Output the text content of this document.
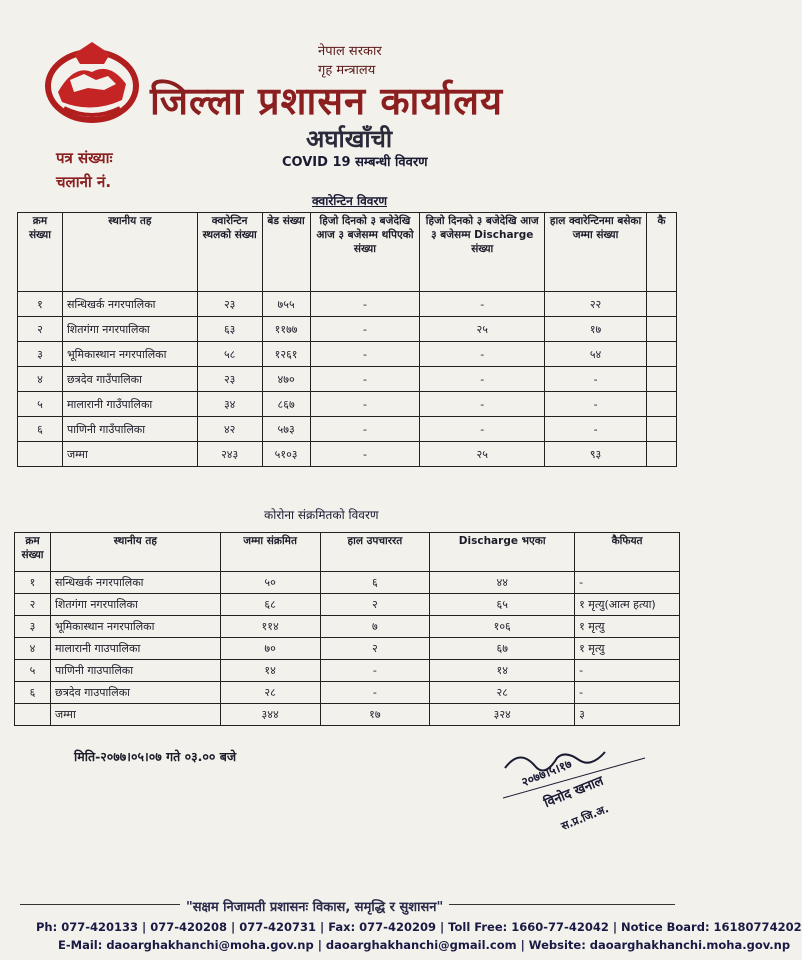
नेपाल सरकार
गृह मन्त्रालय
जिल्ला प्रशासन कार्यालय
अर्घाखाँची
पत्र संख्याः
चलानी नं.
COVID 19 सम्बन्धी विवरण
क्वारेन्टिन विवरण
क्रम संख्या	स्थानीय तह	क्वारेन्टिन स्थलको संख्या	बेड संख्या	हिजो दिनको ३ बजेदेखि आज ३ बजेसम्म थपिएको संख्या	हिजो दिनको ३ बजेदेखि आज ३ बजेसम्म Discharge संख्या	हाल क्वारेन्टिनमा बसेका जम्मा संख्या	कै
१	सन्धिखर्क नगरपालिका	२३	७५५	-	-	२२	
२	शितगंगा नगरपालिका	६३	११७७	-	२५	१७	
३	भूमिकास्थान नगरपालिका	५८	१२६१	-	-	५४	
४	छत्रदेव गाउँपालिका	२३	४७०	-	-	-	
५	मालारानी गाउँपालिका	३४	८६७	-	-	-	
६	पाणिनी गाउँपालिका	४२	५७३	-	-	-	
	जम्मा	२४३	५१०३	-	२५	९३	
कोरोना संक्रमितको विवरण
क्रम संख्या	स्थानीय तह	जम्मा संक्रमित	हाल उपचाररत	Discharge भएका	कैफियत
१	सन्धिखर्क नगरपालिका	५०	६	४४	-
२	शितगंगा नगरपालिका	६८	२	६५	१ मृत्यु(आत्म हत्या)
३	भूमिकास्थान नगरपालिका	११४	७	१०६	१ मृत्यु
४	मालारानी गाउपालिका	७०	२	६७	१ मृत्यु
५	पाणिनी गाउपालिका	१४	-	१४	-
६	छत्रदेव गाउपालिका	२८	-	२८	-
	जम्मा	३४४	१७	३२४	३
मिति-२०७७।०५।०७ गते ०३.०० बजे
२०७७।५।१७
विनोद खनाल
स.प्र.जि.अ.
"सक्षम निजामती प्रशासनः विकास, समृद्धि र सुशासन"
Ph: 077-420133 | 077-420208 | 077-420731 | Fax: 077-420209 | Toll Free: 1660-77-42042 | Notice Board: 16180774202
E-Mail: daoarghakhanchi@moha.gov.np | daoarghakhanchi@gmail.com | Website: daoarghakhanchi.moha.gov.np
